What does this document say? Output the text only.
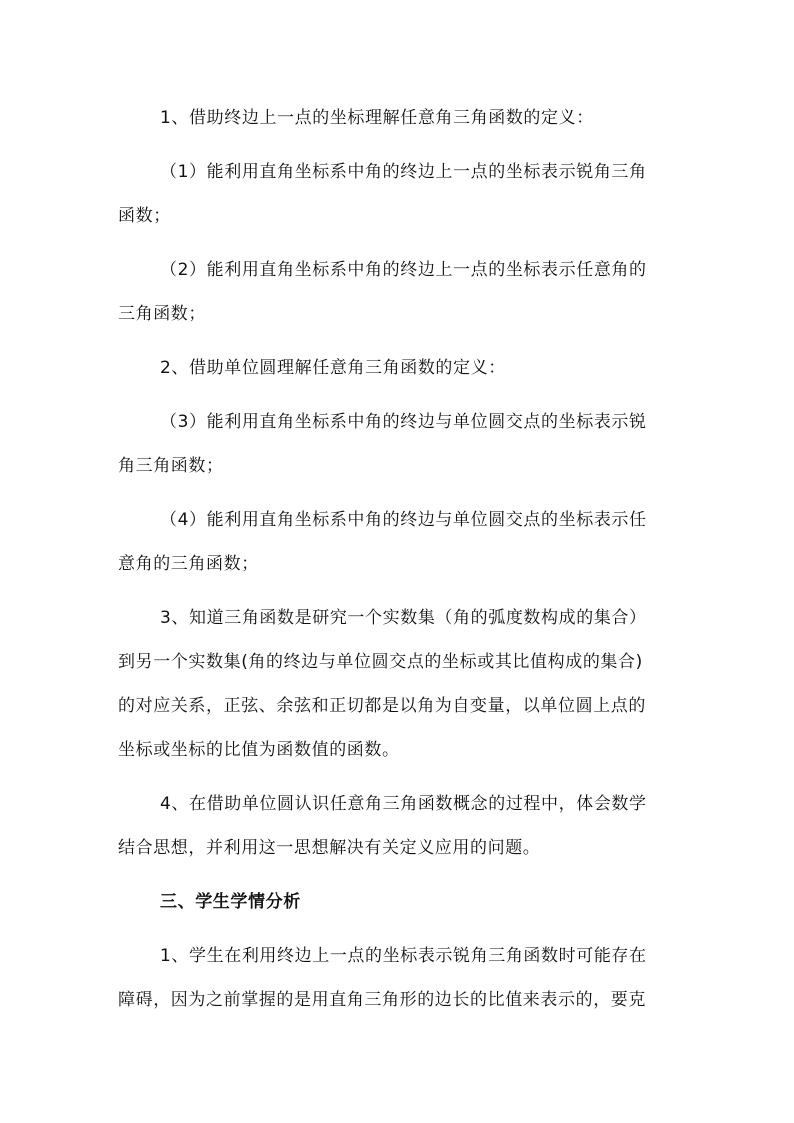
1、借助终边上一点的坐标理解任意角三角函数的定义：
（1）能利用直角坐标系中角的终边上一点的坐标表示锐角三角
函数；
（2）能利用直角坐标系中角的终边上一点的坐标表示任意角的
三角函数；
2、借助单位圆理解任意角三角函数的定义：
（3）能利用直角坐标系中角的终边与单位圆交点的坐标表示锐
角三角函数；
（4）能利用直角坐标系中角的终边与单位圆交点的坐标表示任
意角的三角函数；
3、知道三角函数是研究一个实数集（角的弧度数构成的集合）
到另一个实数集(角的终边与单位圆交点的坐标或其比值构成的集合)
的对应关系，正弦、余弦和正切都是以角为自变量，以单位圆上点的
坐标或坐标的比值为函数值的函数。
4、在借助单位圆认识任意角三角函数概念的过程中，体会数学
结合思想，并利用这一思想解决有关定义应用的问题。
三、学生学情分析
1、学生在利用终边上一点的坐标表示锐角三角函数时可能存在
障碍，因为之前掌握的是用直角三角形的边长的比值来表示的，要克
